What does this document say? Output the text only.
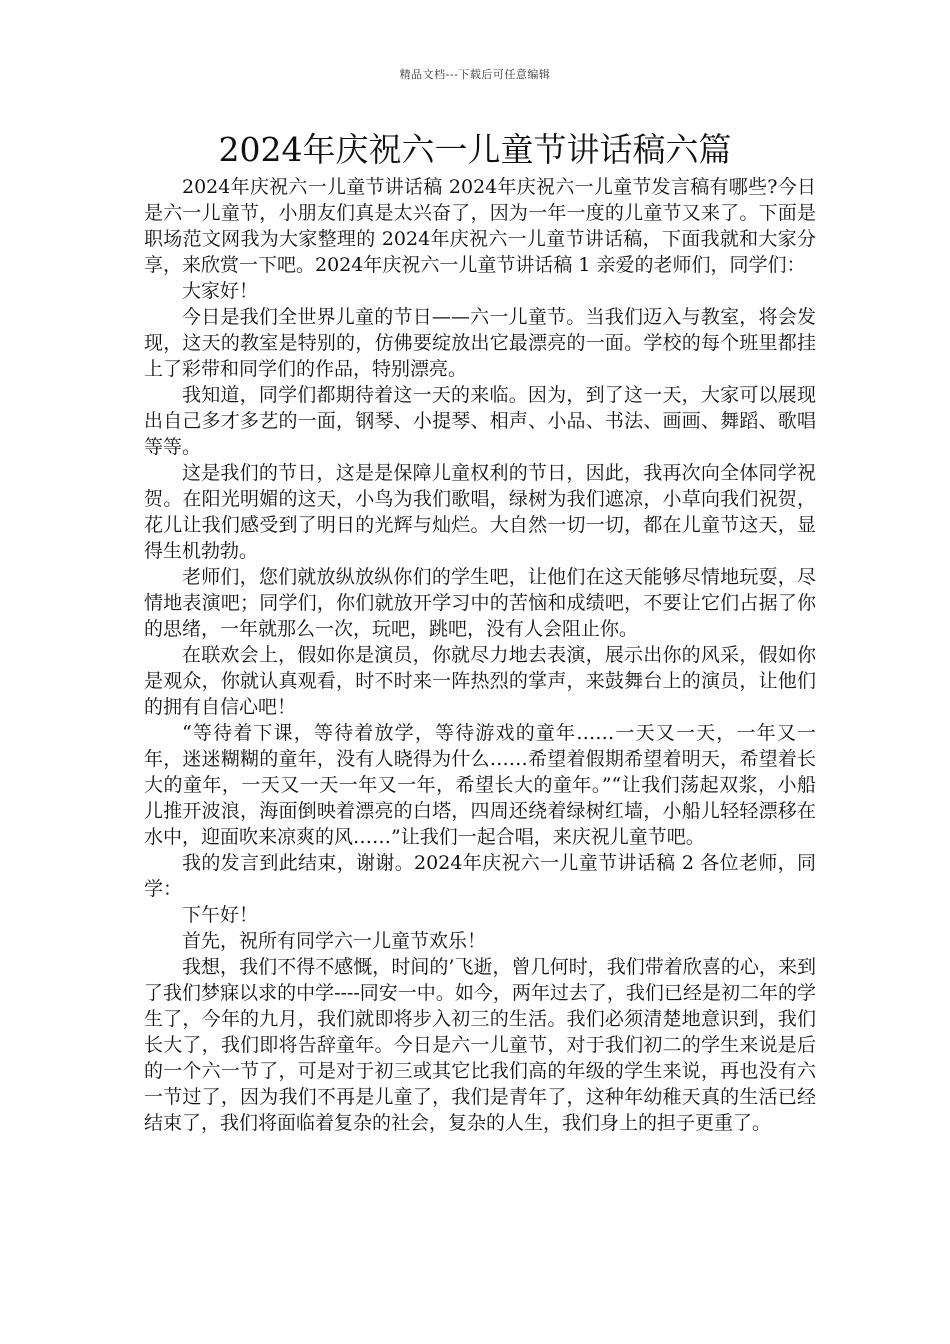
精品文档---下载后可任意编辑
2024年庆祝六一儿童节讲话稿六篇

2024年庆祝六一儿童节讲话稿 2024年庆祝六一儿童节发言稿有哪些?今日是六一儿童节，小朋友们真是太兴奋了，因为一年一度的儿童节又来了。下面是职场范文网我为大家整理的 2024年庆祝六一儿童节讲话稿，下面我就和大家分享，来欣赏一下吧。2024年庆祝六一儿童节讲话稿 1 亲爱的老师们，同学们：

大家好！

今日是我们全世界儿童的节日——六一儿童节。当我们迈入与教室，将会发现，这天的教室是特别的，仿佛要绽放出它最漂亮的一面。学校的每个班里都挂上了彩带和同学们的作品，特别漂亮。

我知道，同学们都期待着这一天的来临。因为，到了这一天，大家可以展现出自己多才多艺的一面，钢琴、小提琴、相声、小品、书法、画画、舞蹈、歌唱等等。

这是我们的节日，这是是保障儿童权利的节日，因此，我再次向全体同学祝贺。在阳光明媚的这天，小鸟为我们歌唱，绿树为我们遮凉，小草向我们祝贺，花儿让我们感受到了明日的光辉与灿烂。大自然一切一切，都在儿童节这天，显得生机勃勃。

老师们，您们就放纵放纵你们的学生吧，让他们在这天能够尽情地玩耍，尽情地表演吧；同学们，你们就放开学习中的苦恼和成绩吧，不要让它们占据了你的思绪，一年就那么一次，玩吧，跳吧，没有人会阻止你。

在联欢会上，假如你是演员，你就尽力地去表演，展示出你的风采，假如你是观众，你就认真观看，时不时来一阵热烈的掌声，来鼓舞台上的演员，让他们的拥有自信心吧！

“等待着下课，等待着放学，等待游戏的童年……一天又一天，一年又一年，迷迷糊糊的童年，没有人晓得为什么……希望着假期希望着明天，希望着长大的童年，一天又一天一年又一年，希望长大的童年。”“让我们荡起双浆，小船儿推开波浪，海面倒映着漂亮的白塔，四周还绕着绿树红墙，小船儿轻轻漂移在水中，迎面吹来凉爽的风……”让我们一起合唱，来庆祝儿童节吧。

我的发言到此结束，谢谢。2024年庆祝六一儿童节讲话稿 2 各位老师，同学：

下午好！

首先，祝所有同学六一儿童节欢乐！

我想，我们不得不感慨，时间的’飞逝，曾几何时，我们带着欣喜的心，来到了我们梦寐以求的中学----同安一中。如今，两年过去了，我们已经是初二年的学生了，今年的九月，我们就即将步入初三的生活。我们必须清楚地意识到，我们长大了，我们即将告辞童年。今日是六一儿童节，对于我们初二的学生来说是后的一个六一节了，可是对于初三或其它比我们高的年级的学生来说，再也没有六一节过了，因为我们不再是儿童了，我们是青年了，这种年幼稚天真的生活已经结束了，我们将面临着复杂的社会，复杂的人生，我们身上的担子更重了。
